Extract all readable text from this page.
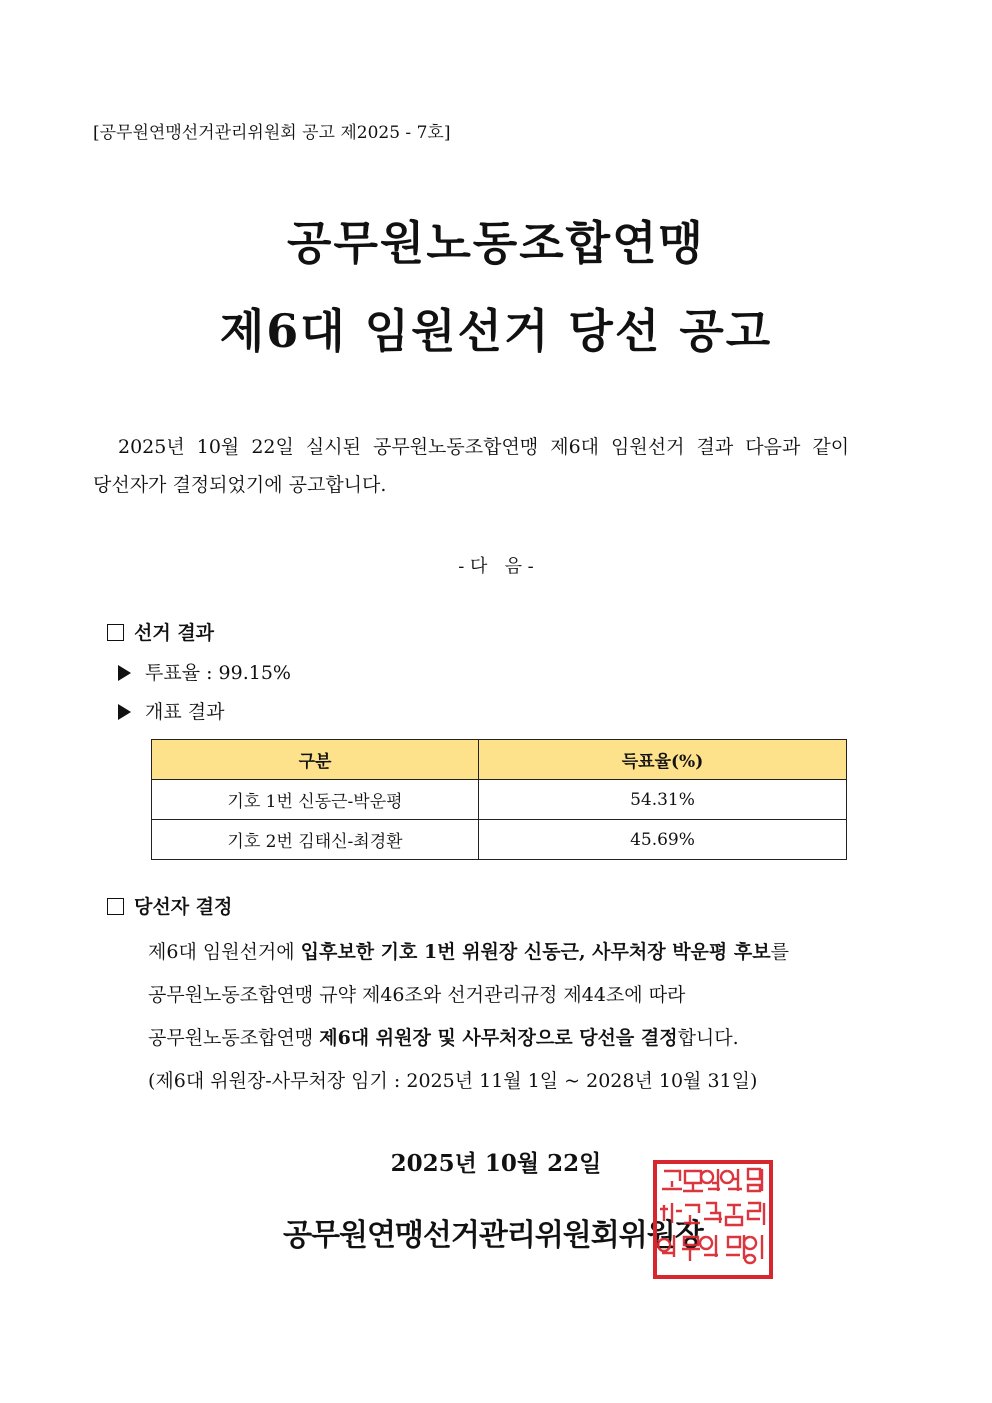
[공무원연맹선거관리위원회 공고 제2025 - 7호]
공무원노동조합연맹
제6대 임원선거 당선 공고
2025년 10월 22일 실시된 공무원노동조합연맹 제6대 임원선거 결과 다음과 같이
당선자가 결정되었기에 공고합니다.
- 다   음 -
선거 결과
투표율 : 99.15%
개표 결과
구분	득표율(%)
기호 1번 신동근-박운평	54.31%
기호 2번 김태신-최경환	45.69%
당선자 결정
제6대 임원선거에 입후보한 기호 1번 위원장 신동근, 사무처장 박운평 후보를
공무원노동조합연맹 규약 제46조와 선거관리규정 제44조에 따라
공무원노동조합연맹 제6대 위원장 및 사무처장으로 당선을 결정합니다.
(제6대 위원장-사무처장 임기 : 2025년 11월 1일 ~ 2028년 10월 31일)
2025년 10월 22일
공무원연맹선거관리위원회위원장
